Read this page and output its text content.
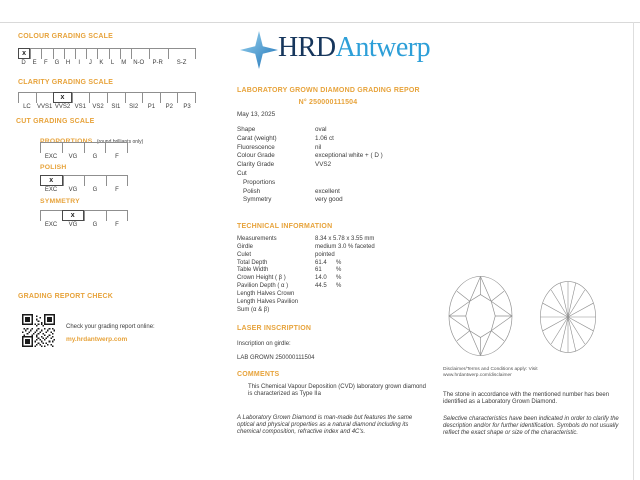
COLOUR GRADING SCALE
x
D	E	F	G	H	I	J	K	L	M	N-O	P-R	S-Z
CLARITY GRADING SCALE
x
LC	VVS1 VVS2 VS1	VS2	SI1	SI2	P1	P2	P3
CUT GRADING SCALE
PROPORTIONS (round brilliants only)
EXC	VG	G	F
POLISH
x
EXC	VG	G	F
SYMMETRY
x
EXC	VG	G	F
GRADING REPORT CHECK
Check your grading report online:
my.hrdantwerp.com
HRDAntwerp
LABORATORY GROWN DIAMOND GRADING REPOR
N° 250000111504
May 13, 2025
Shape	oval
Carat (weight)	1.06 ct
Fluorescence	nil
Colour Grade	exceptional white + ( D )
Clarity Grade	VVS2
Cut
Proportions
Polish	excellent
Symmetry	very good
TECHNICAL INFORMATION
Measurements	8.34 x 5.78 x 3.55 mm
Girdle	medium 3.0 % faceted
Culet	pointed
Total Depth	61.4 %
Table Width	61 %
Crown Height ( β )	14.0 %
Pavilion Depth ( α )	44.5 %
Length Halves Crown
Length Halves Pavilion
Sum (α & β)
LASER INSCRIPTION
Inscription on girdle:
LAB GROWN 250000111504
COMMENTS
This Chemical Vapour Deposition (CVD) laboratory grown diamond is characterized as Type IIa
A Laboratory Grown Diamond is man-made but features the same optical and physical properties as a natural diamond including its chemical composition, refractive index and 4C's.
Disclaimer/Terms and Conditions apply: Visit www.hrdantwerp.com/disclaimer
The stone in accordance with the mentioned number has been identified as a Laboratory Grown Diamond.
Selective characteristics have been indicated in order to clarify the description and/or for further identification. Symbols do not usually reflect the exact shape or size of the characteristic.
